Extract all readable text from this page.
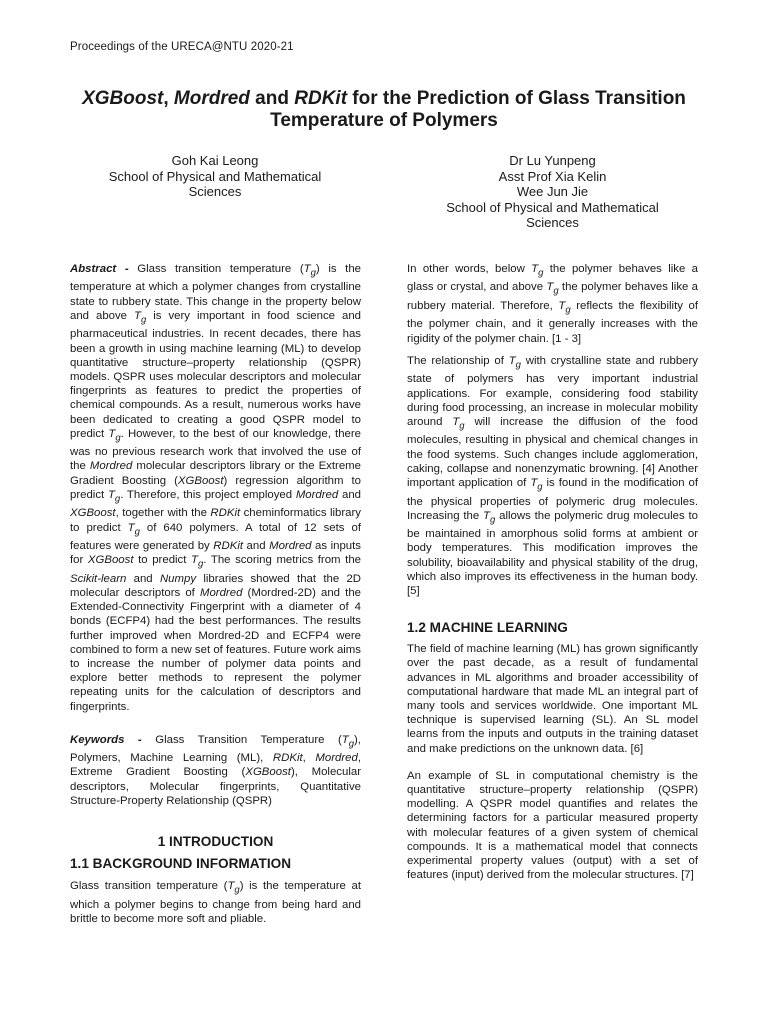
Proceedings of the URECA@NTU 2020-21
XGBoost, Mordred and RDKit for the Prediction of Glass Transition Temperature of Polymers
Goh Kai Leong
School of Physical and Mathematical
Sciences
Dr Lu Yunpeng
Asst Prof Xia Kelin
Wee Jun Jie
School of Physical and Mathematical
Sciences

Abstract - Glass transition temperature $(T_g)$ is the temperature at which a polymer changes from crystalline state to rubbery state. This change in the property below and above $T_g$ is very important in food science and pharmaceutical industries. In recent decades, there has been a growth in using machine learning (ML) to develop quantitative structure–property relationship (QSPR) models. QSPR uses molecular descriptors and molecular fingerprints as features to predict the properties of chemical compounds. As a result, numerous works have been dedicated to creating a good QSPR model to predict $T_g$. However, to the best of our knowledge, there was no previous research work that involved the use of the Mordred molecular descriptors library or the Extreme Gradient Boosting (XGBoost) regression algorithm to predict $T_g$. Therefore, this project employed Mordred and XGBoost, together with the RDKit cheminformatics library to predict $T_g$ of 640 polymers. A total of 12 sets of features were generated by RDKit and Mordred as inputs for XGBoost to predict $T_g$. The scoring metrics from the Scikit-learn and Numpy libraries showed that the 2D molecular descriptors of Mordred (Mordred-2D) and the Extended-Connectivity Fingerprint with a diameter of 4 bonds (ECFP4) had the best performances. The results further improved when Mordred-2D and ECFP4 were combined to form a new set of features. Future work aims to increase the number of polymer data points and explore better methods to represent the polymer repeating units for the calculation of descriptors and fingerprints.

Keywords - Glass Transition Temperature $(T_g)$, Polymers, Machine Learning (ML), RDKit, Mordred, Extreme Gradient Boosting (XGBoost), Molecular descriptors, Molecular fingerprints, Quantitative Structure-Property Relationship (QSPR)

1 INTRODUCTION

1.1 BACKGROUND INFORMATION

Glass transition temperature $(T_g)$ is the temperature at which a polymer begins to change from being hard and brittle to become more soft and pliable.

In other words, below $T_g$ the polymer behaves like a glass or crystal, and above $T_g$ the polymer behaves like a rubbery material. Therefore, $T_g$ reflects the flexibility of the polymer chain, and it generally increases with the rigidity of the polymer chain. [1 - 3]

The relationship of $T_g$ with crystalline state and rubbery state of polymers has very important industrial applications. For example, considering food stability during food processing, an increase in molecular mobility around $T_g$ will increase the diffusion of the food molecules, resulting in physical and chemical changes in the food systems. Such changes include agglomeration, caking, collapse and nonenzymatic browning. [4] Another important application of $T_g$ is found in the modification of the physical properties of polymeric drug molecules. Increasing the $T_g$ allows the polymeric drug molecules to be maintained in amorphous solid forms at ambient or body temperatures. This modification improves the solubility, bioavailability and physical stability of the drug, which also improves its effectiveness in the human body. [5]

1.2 MACHINE LEARNING

The field of machine learning (ML) has grown significantly over the past decade, as a result of fundamental advances in ML algorithms and broader accessibility of computational hardware that made ML an integral part of many tools and services worldwide. One important ML technique is supervised learning (SL). An SL model learns from the inputs and outputs in the training dataset and make predictions on the unknown data. [6]

An example of SL in computational chemistry is the quantitative structure–property relationship (QSPR) modelling. A QSPR model quantifies and relates the determining factors for a particular measured property with molecular features of a given system of chemical compounds. It is a mathematical model that connects experimental property values (output) with a set of features (input) derived from the molecular structures. [7]
